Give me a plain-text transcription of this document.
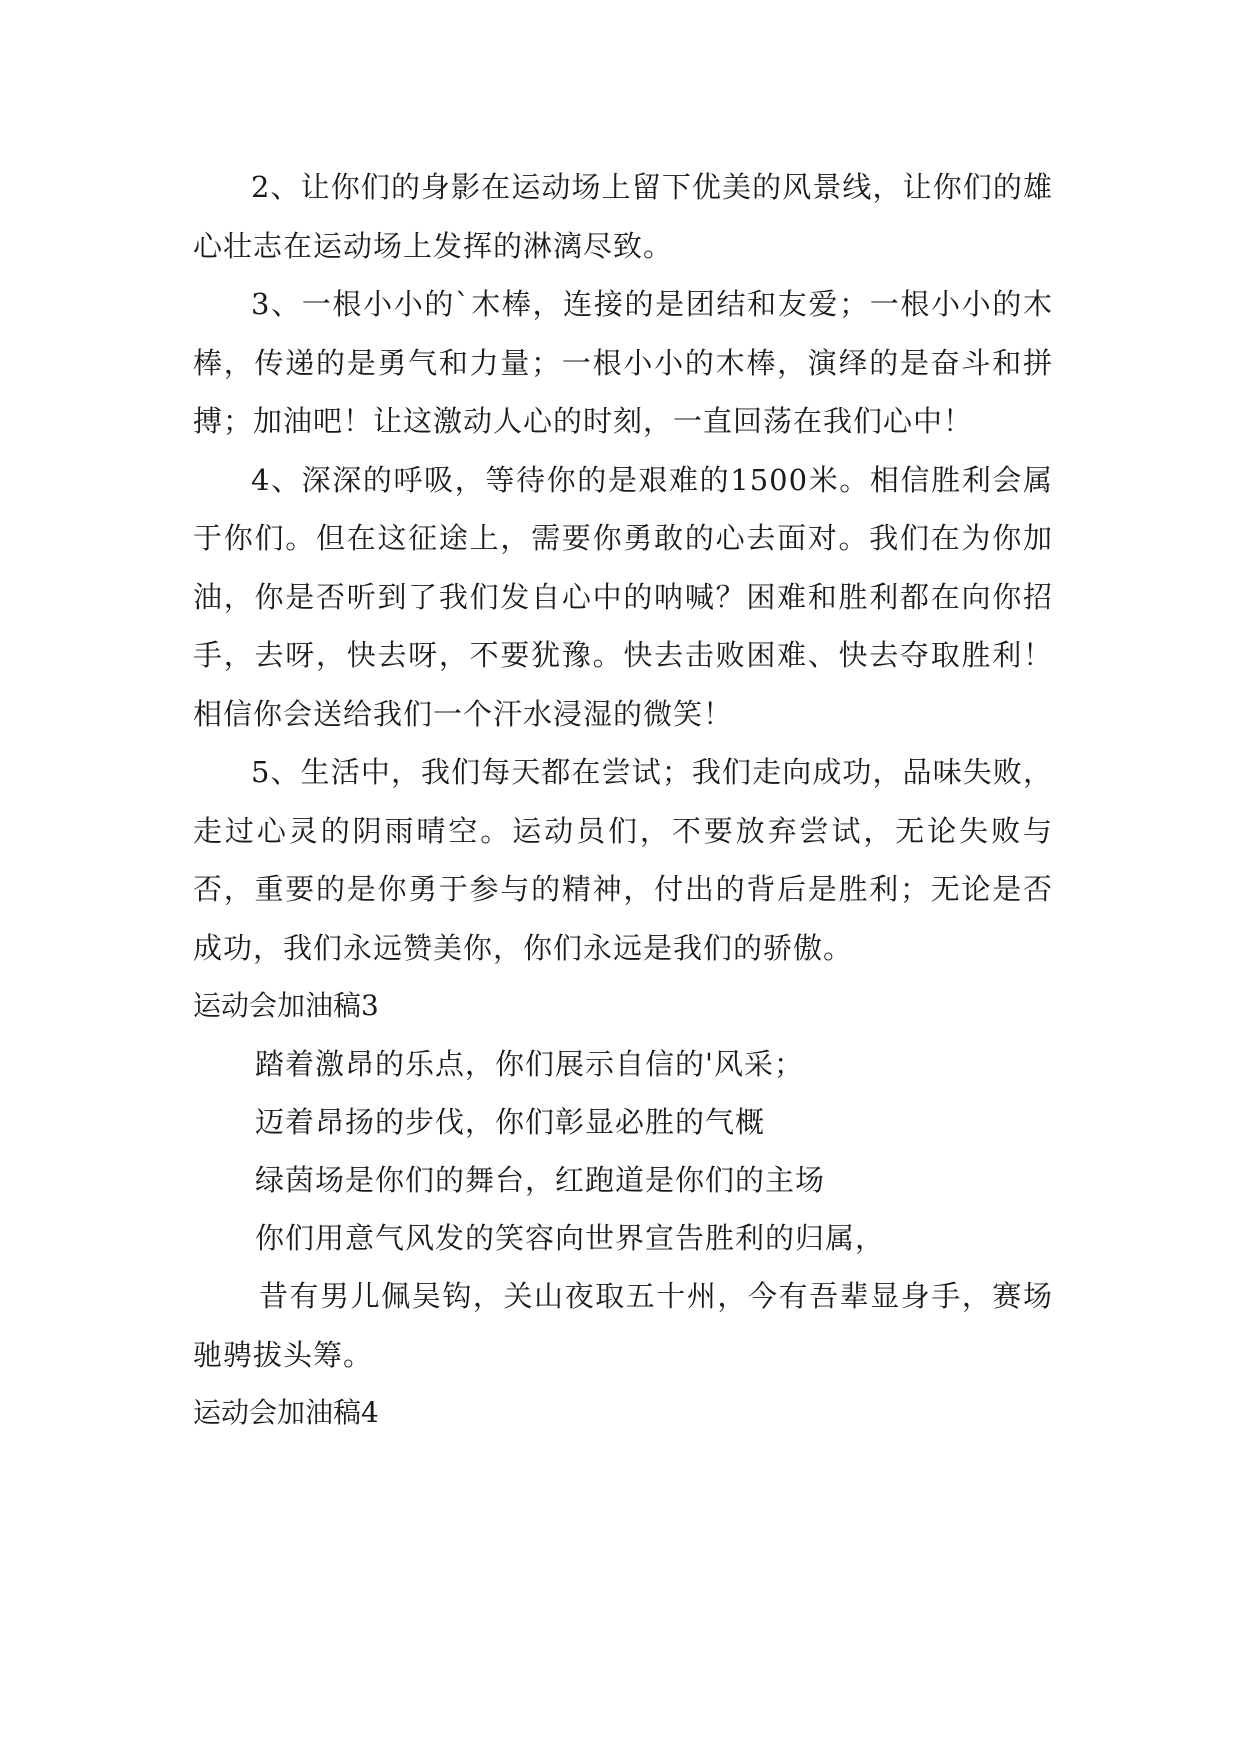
2、让你们的身影在运动场上留下优美的风景线，让你们的雄心壮志在运动场上发挥的淋漓尽致。

3、一根小小的`木棒，连接的是团结和友爱；一根小小的木棒，传递的是勇气和力量；一根小小的木棒，演绎的是奋斗和拼搏；加油吧！让这激动人心的时刻，一直回荡在我们心中！

4、深深的呼吸，等待你的是艰难的1500米。相信胜利会属于你们。但在这征途上，需要你勇敢的心去面对。我们在为你加油，你是否听到了我们发自心中的呐喊？困难和胜利都在向你招手，去呀，快去呀，不要犹豫。快去击败困难、快去夺取胜利！相信你会送给我们一个汗水浸湿的微笑！

5、生活中，我们每天都在尝试；我们走向成功，品味失败，走过心灵的阴雨晴空。运动员们，不要放弃尝试，无论失败与否，重要的是你勇于参与的精神，付出的背后是胜利；无论是否成功，我们永远赞美你，你们永远是我们的骄傲。

运动会加油稿3

踏着激昂的乐点，你们展示自信的'风采；

迈着昂扬的步伐，你们彰显必胜的气概

绿茵场是你们的舞台，红跑道是你们的主场

你们用意气风发的笑容向世界宣告胜利的归属，

昔有男儿佩吴钩，关山夜取五十州，今有吾辈显身手，赛场驰骋拔头筹。

运动会加油稿4
